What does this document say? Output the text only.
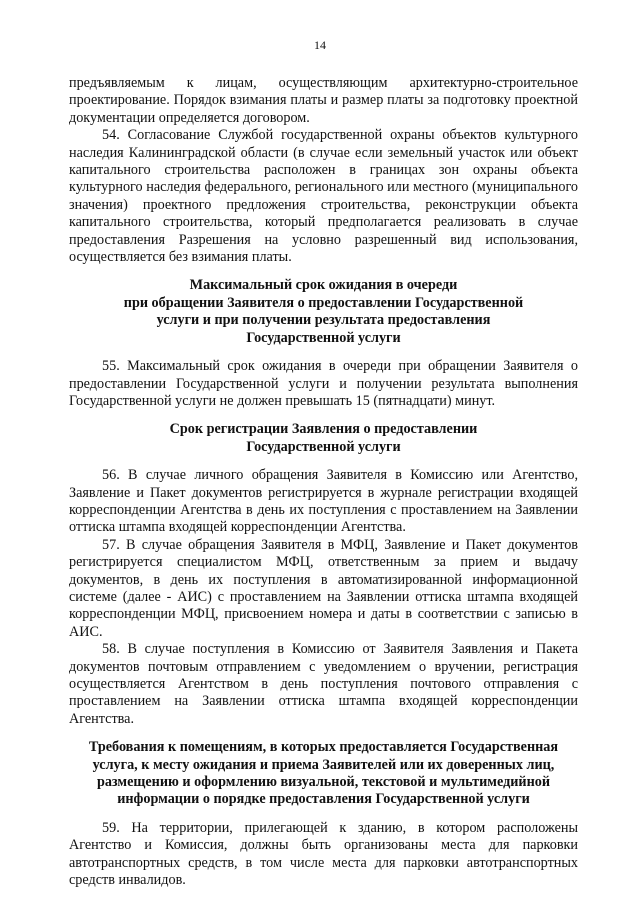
14

предъявляемым к лицам, осуществляющим архитектурно-строительное проектирование. Порядок взимания платы и размер платы за подготовку проектной документации определяется договором.

54. Согласование Службой государственной охраны объектов культурного наследия Калининградской области (в случае если земельный участок или объект капитального строительства расположен в границах зон охраны объекта культурного наследия федерального, регионального или местного (муниципального значения) проектного предложения строительства, реконструкции объекта капитального строительства, который предполагается реализовать в случае предоставления Разрешения на условно разрешенный вид использования, осуществляется без взимания платы.

Максимальный срок ожидания в очереди
при обращении Заявителя о предоставлении Государственной
услуги и при получении результата предоставления
Государственной услуги

55. Максимальный срок ожидания в очереди при обращении Заявителя о предоставлении Государственной услуги и получении результата выполнения Государственной услуги не должен превышать 15 (пятнадцати) минут.

Срок регистрации Заявления о предоставлении
Государственной услуги

56. В случае личного обращения Заявителя в Комиссию или Агентство, Заявление и Пакет документов регистрируется в журнале регистрации входящей корреспонденции Агентства в день их поступления с проставлением на Заявлении оттиска штампа входящей корреспонденции Агентства.

57. В случае обращения Заявителя в МФЦ, Заявление и Пакет документов регистрируется специалистом МФЦ, ответственным за прием и выдачу документов, в день их поступления в автоматизированной информационной системе (далее - АИС) с проставлением на Заявлении оттиска штампа входящей корреспонденции МФЦ, присвоением номера и даты в соответствии с записью в АИС.

58. В случае поступления в Комиссию от Заявителя Заявления и Пакета документов почтовым отправлением с уведомлением о вручении, регистрация осуществляется Агентством в день поступления почтового отправления с проставлением на Заявлении оттиска штампа входящей корреспонденции Агентства.

Требования к помещениям, в которых предоставляется Государственная
услуга, к месту ожидания и приема Заявителей или их доверенных лиц,
размещению и оформлению визуальной, текстовой и мультимедийной
информации о порядке предоставления Государственной услуги

59. На территории, прилегающей к зданию, в котором расположены Агентство и Комиссия, должны быть организованы места для парковки автотранспортных средств, в том числе места для парковки автотранспортных средств инвалидов.
